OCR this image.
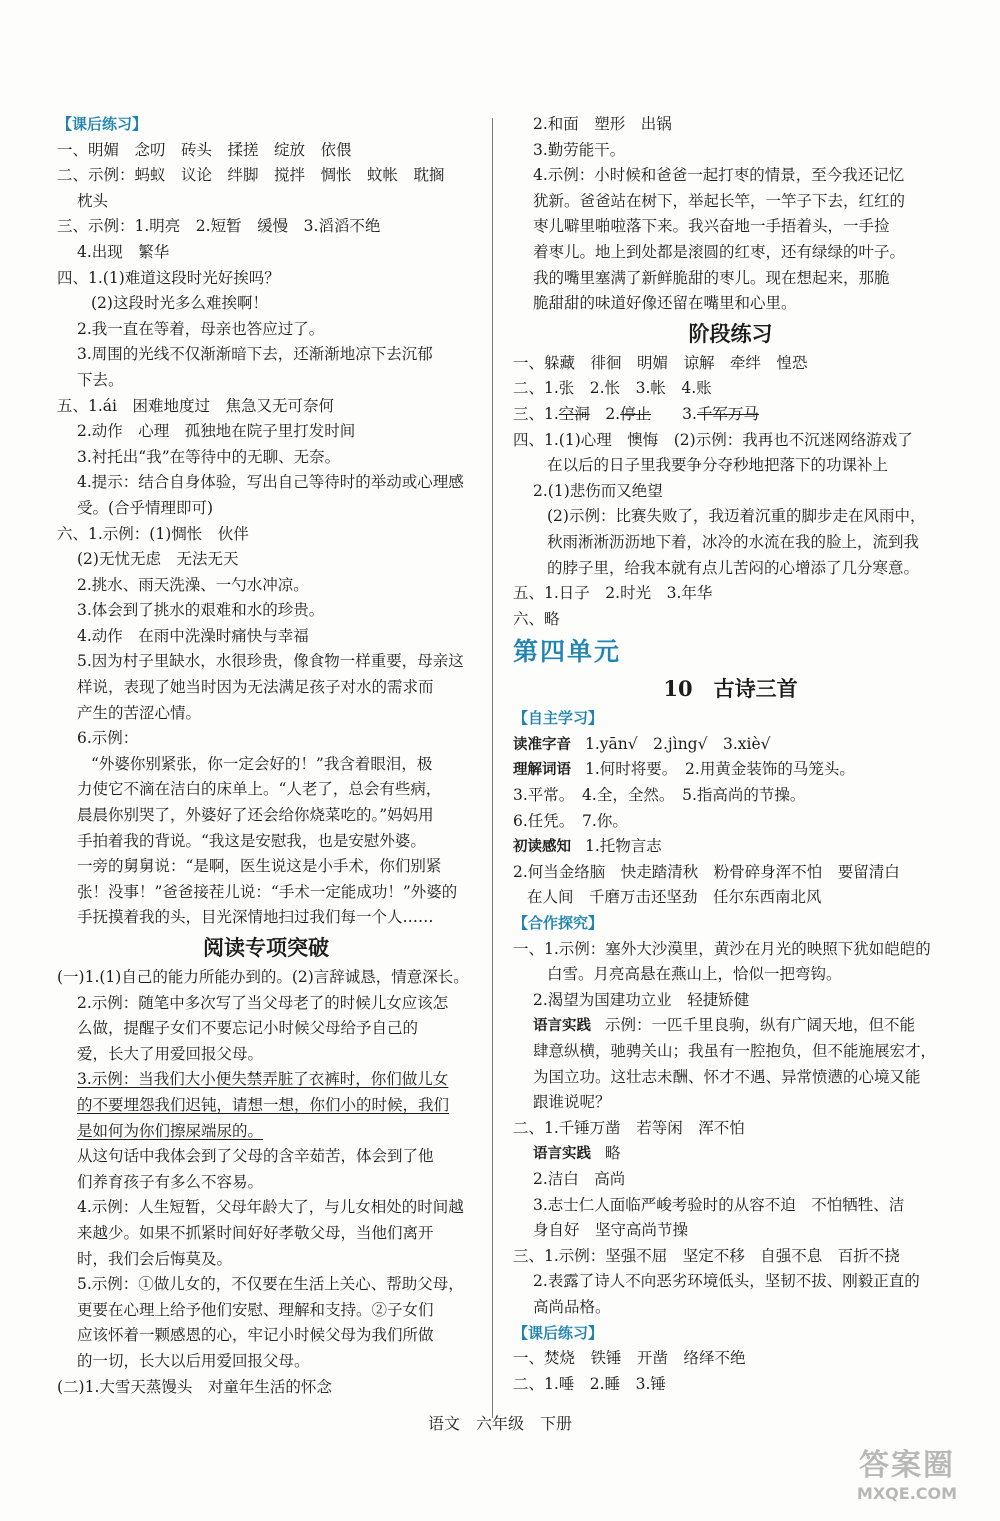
【课后练习】
一、明媚　念叨　砖头　揉搓　绽放　依偎
二、示例：蚂蚁　议论　绊脚　搅拌　惆怅　蚊帐　耽搁
枕头
三、示例：1.明亮　2.短暂　缓慢　3.滔滔不绝
4.出现　繁华
四、1.(1)难道这段时光好挨吗？
(2)这段时光多么难挨啊！
2.我一直在等着，母亲也答应过了。
3.周围的光线不仅渐渐暗下去，还渐渐地凉下去沉郁
下去。
五、1.ái　困难地度过　焦急又无可奈何
2.动作　心理　孤独地在院子里打发时间
3.衬托出“我”在等待中的无聊、无奈。
4.提示：结合自身体验，写出自己等待时的举动或心理感
受。(合乎情理即可)
六、1.示例：(1)惆怅　伙伴
(2)无忧无虑　无法无天
2.挑水、雨天洗澡、一勺水冲凉。
3.体会到了挑水的艰难和水的珍贵。
4.动作　在雨中洗澡时痛快与幸福
5.因为村子里缺水，水很珍贵，像食物一样重要，母亲这
样说，表现了她当时因为无法满足孩子对水的需求而
产生的苦涩心情。
6.示例：
“外婆你别紧张，你一定会好的！”我含着眼泪，极
力使它不滴在洁白的床单上。“人老了，总会有些病，
晨晨你别哭了，外婆好了还会给你烧菜吃的。”妈妈用
手拍着我的背说。“我这是安慰我，也是安慰外婆。
一旁的舅舅说：“是啊，医生说这是小手术，你们别紧
张！没事！”爸爸接茬儿说：“手术一定能成功！”外婆的
手抚摸着我的头，目光深情地扫过我们每一个人……
阅读专项突破
(一)1.(1)自己的能力所能办到的。(2)言辞诚恳，情意深长。
2.示例：随笔中多次写了当父母老了的时候儿女应该怎
么做，提醒子女们不要忘记小时候父母给予自己的
爱，长大了用爱回报父母。
3.示例：当我们大小便失禁弄脏了衣裤时，你们做儿女
的不要埋怨我们迟钝，请想一想，你们小的时候，我们
是如何为你们擦屎端尿的。
从这句话中我体会到了父母的含辛茹苦，体会到了他
们养育孩子有多么不容易。
4.示例：人生短暂，父母年龄大了，与儿女相处的时间越
来越少。如果不抓紧时间好好孝敬父母，当他们离开
时，我们会后悔莫及。
5.示例：①做儿女的，不仅要在生活上关心、帮助父母，
更要在心理上给予他们安慰、理解和支持。②子女们
应该怀着一颗感恩的心，牢记小时候父母为我们所做
的一切，长大以后用爱回报父母。
(二)1.大雪天蒸馒头　对童年生活的怀念
2.和面　塑形　出锅
3.勤劳能干。
4.示例：小时候和爸爸一起打枣的情景，至今我还记忆
犹新。爸爸站在树下，举起长竿，一竿子下去，红红的
枣儿噼里啪啦落下来。我兴奋地一手捂着头，一手捡
着枣儿。地上到处都是滚圆的红枣，还有绿绿的叶子。
我的嘴里塞满了新鲜脆甜的枣儿。现在想起来，那脆
脆甜甜的味道好像还留在嘴里和心里。
阶段练习
一、躲藏　徘徊　明媚　谅解　牵绊　惶恐
二、1.张　2.怅　3.帐　4.账
三、1.空洞　2.停止　　3.千军万马
四、1.(1)心理　懊悔　(2)示例：我再也不沉迷网络游戏了
在以后的日子里我要争分夺秒地把落下的功课补上
2.(1)悲伤而又绝望
(2)示例：比赛失败了，我迈着沉重的脚步走在风雨中，
秋雨淅淅沥沥地下着，冰冷的水流在我的脸上，流到我
的脖子里，给我本就有点儿苦闷的心增添了几分寒意。
五、1.日子　2.时光　3.年华
六、略
第四单元
10　古诗三首
【自主学习】
读准字音 1.yān√　2.jìng√　3.xiè√
理解词语 1.何时将要。　2.用黄金装饰的马笼头。
3.平常。　4.全，全然。　5.指高尚的节操。
6.任凭。　7.你。
初读感知 1.托物言志
2.何当金络脑　快走踏清秋　粉骨碎身浑不怕　要留清白
在人间　千磨万击还坚劲　任尔东西南北风
【合作探究】
一、1.示例：塞外大沙漠里，黄沙在月光的映照下犹如皑皑的
白雪。月亮高悬在燕山上，恰似一把弯钩。
2.渴望为国建功立业　轻捷矫健
语言实践 示例：一匹千里良驹，纵有广阔天地，但不能
肆意纵横，驰骋关山；我虽有一腔抱负，但不能施展宏才，
为国立功。这壮志未酬、怀才不遇、异常愤懑的心境又能
跟谁说呢？
二、1.千锤万凿　若等闲　浑不怕
语言实践 略
2.洁白　高尚
3.志士仁人面临严峻考验时的从容不迫　不怕牺牲、洁
身自好　坚守高尚节操
三、1.示例：坚强不屈　坚定不移　自强不息　百折不挠
2.表露了诗人不向恶劣环境低头，坚韧不拔、刚毅正直的
高尚品格。
【课后练习】
一、焚烧　铁锤　开凿　络绎不绝
二、1.唾　2.睡　3.锤
语文　六年级　下册
答案圈
MXQE.COM
